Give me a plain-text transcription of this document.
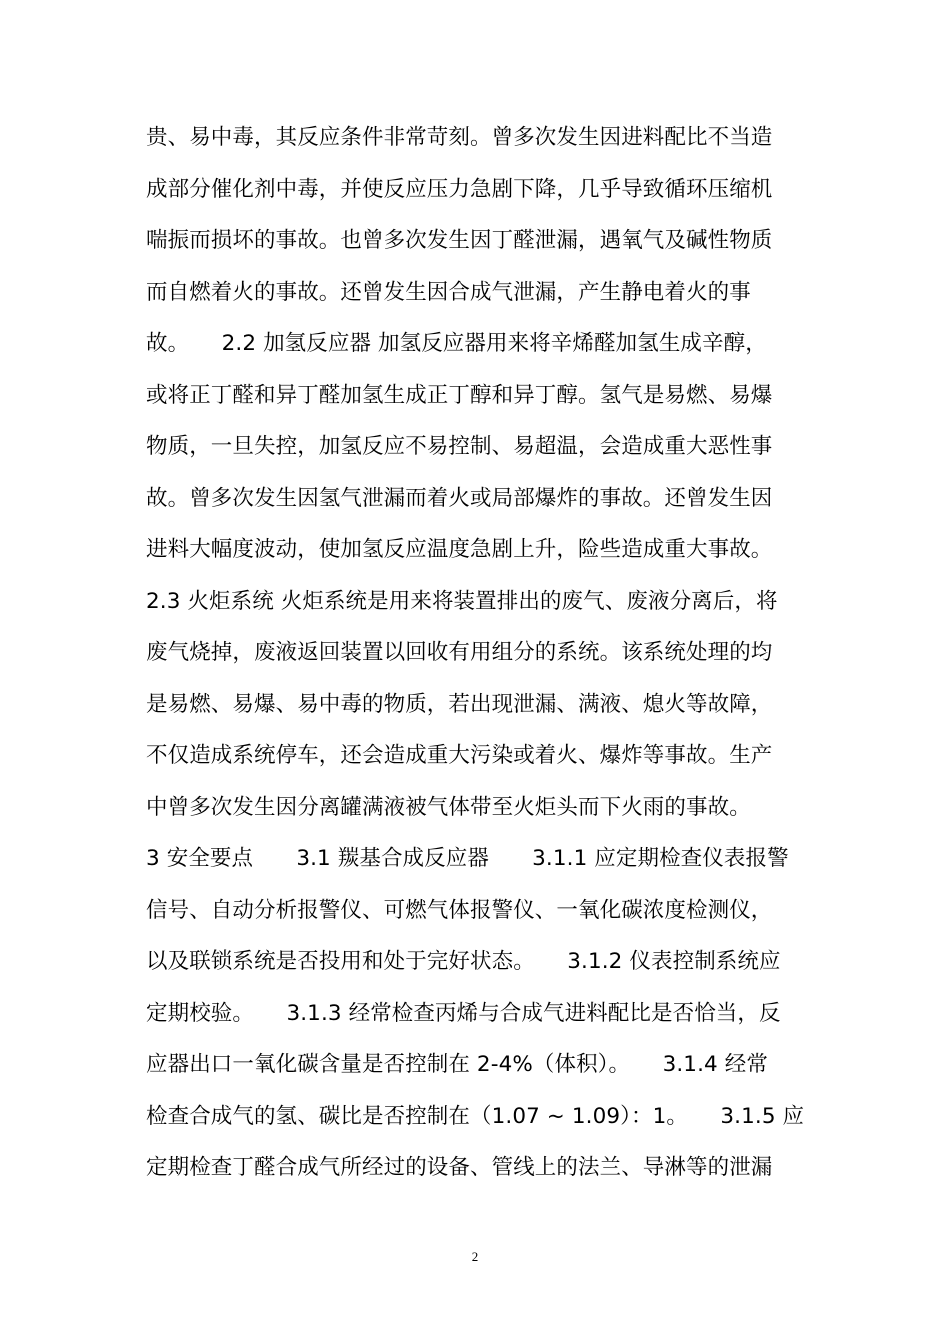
贵、易中毒，其反应条件非常苛刻。曾多次发生因进料配比不当造
成部分催化剂中毒，并使反应压力急剧下降，几乎导致循环压缩机
喘振而损坏的事故。也曾多次发生因丁醛泄漏，遇氧气及碱性物质
而自燃着火的事故。还曾发生因合成气泄漏，产生静电着火的事
故。　　2.2 加氢反应器 加氢反应器用来将辛烯醛加氢生成辛醇，
或将正丁醛和异丁醛加氢生成正丁醇和异丁醇。氢气是易燃、易爆
物质，一旦失控，加氢反应不易控制、易超温，会造成重大恶性事
故。曾多次发生因氢气泄漏而着火或局部爆炸的事故。还曾发生因
进料大幅度波动，使加氢反应温度急剧上升，险些造成重大事故。
2.3 火炬系统 火炬系统是用来将装置排出的废气、废液分离后，将
废气烧掉，废液返回装置以回收有用组分的系统。该系统处理的均
是易燃、易爆、易中毒的物质，若出现泄漏、满液、熄火等故障，
不仅造成系统停车，还会造成重大污染或着火、爆炸等事故。生产
中曾多次发生因分离罐满液被气体带至火炬头而下火雨的事故。
3 安全要点　　3.1 羰基合成反应器　　3.1.1 应定期检查仪表报警
信号、自动分析报警仪、可燃气体报警仪、一氧化碳浓度检测仪，
以及联锁系统是否投用和处于完好状态。　　3.1.2 仪表控制系统应
定期校验。　　3.1.3 经常检查丙烯与合成气进料配比是否恰当，反
应器出口一氧化碳含量是否控制在 2-4%（体积）。　　3.1.4 经常
检查合成气的氢、碳比是否控制在（1.07 ~ 1.09）：1。　　3.1.5 应
定期检查丁醛合成气所经过的设备、管线上的法兰、导淋等的泄漏
2
